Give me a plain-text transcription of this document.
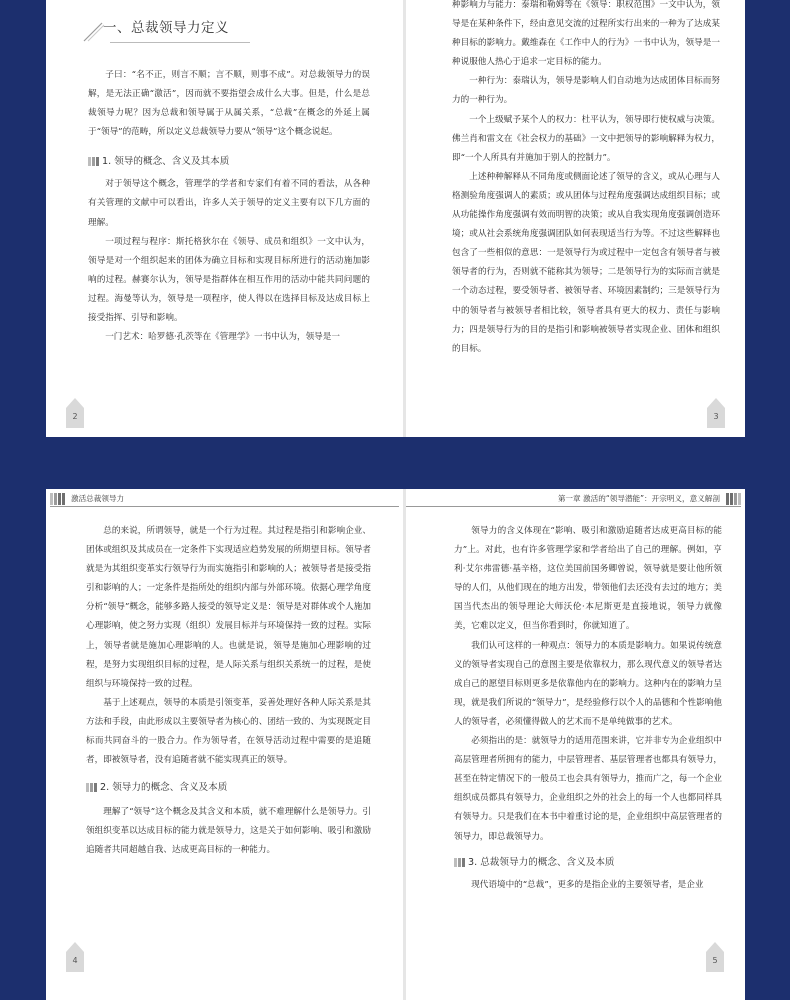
一、总裁领导力定义

子曰：“名不正，则言不顺；言不顺，则事不成”。对总裁领导力的误解，是无法正确“激活”，因而就不要指望会成什么大事。但是，什么是总裁领导力呢？因为总裁和领导属于从属关系，“总裁”在概念的外延上属于“领导”的范畴，所以定义总裁领导力要从“领导”这个概念说起。

1. 领导的概念、含义及其本质

对于领导这个概念，管理学的学者和专家们有着不同的看法，从各种有关管理的文献中可以看出，许多人关于领导的定义主要有以下几方面的理解。

一项过程与程序：斯托格狄尔在《领导、成员和组织》一文中认为，领导是对一个组织起来的团体为确立目标和实现目标所进行的活动施加影响的过程。赫赛尔认为，领导是指群体在相互作用的活动中能共同问题的过程。海曼等认为，领导是一项程序，使人得以在选择目标及达成目标上接受指挥、引导和影响。

一门艺术：哈罗德·孔茨等在《管理学》一书中认为，领导是一

2

种影响力与能力：泰瑞和勒姆等在《领导：职权范围》一文中认为，领导是在某种条件下，经由意见交流的过程所实行出来的一种为了达成某种目标的影响力。戴维森在《工作中人的行为》一书中认为，领导是一种说服他人热心于追求一定目标的能力。

一种行为：泰瑞认为，领导是影响人们自动地为达成团体目标而努力的一种行为。

一个上级赋予某个人的权力：杜平认为，领导即行使权威与决策。佛兰肖和雷文在《社会权力的基础》一文中把领导的影响解释为权力，即“一个人所具有并施加于别人的控制力”。

上述种种解释从不同角度或侧面论述了领导的含义，或从心理与人格测验角度强调人的素质；或从团体与过程角度强调达成组织目标；或从功能操作角度强调有效而明智的决策；或从自我实现角度强调创造环境；或从社会系统角度强调团队如何表现适当行为等。不过这些解释也包含了一些相似的意思：一是领导行为或过程中一定包含有领导者与被领导者的行为，否则就不能称其为领导；二是领导行为的实际而言就是一个动态过程，要受领导者、被领导者、环境因素制约；三是领导行为中的领导者与被领导者相比较，领导者具有更大的权力、责任与影响力；四是领导行为的目的是指引和影响被领导者实现企业、团体和组织的目标。

3
激活总裁领导力

总的来说，所谓领导，就是一个行为过程。其过程是指引和影响企业、团体或组织及其成员在一定条件下实现适应趋势发展的所期望目标。领导者就是为其组织变革实行领导行为而实施指引和影响的人；被领导者是接受指引和影响的人；一定条件是指所处的组织内部与外部环境。依据心理学角度分析“领导”概念，能够多路人接受的领导定义是：领导是对群体或个人施加心理影响，使之努力实现（组织）发展目标并与环境保持一致的过程。实际上，领导者就是施加心理影响的人。也就是说，领导是施加心理影响的过程，是努力实现组织目标的过程，是人际关系与组织关系统一的过程，是使组织与环境保持一致的过程。

基于上述观点，领导的本质是引领变革，妥善处理好各种人际关系是其方法和手段，由此形成以主要领导者为核心的、团结一致的、为实现既定目标而共同奋斗的一股合力。作为领导者，在领导活动过程中需要的是追随者，即被领导者，没有追随者就不能实现真正的领导。

2. 领导力的概念、含义及本质

理解了“领导”这个概念及其含义和本质，就不难理解什么是领导力。引领组织变革以达成目标的能力就是领导力，这是关于如何影响、吸引和激励追随者共同超越自我、达成更高目标的一种能力。

4
第一章 激活的“领导潜能”：开宗明义，意义解剖

领导力的含义体现在“影响、吸引和激励追随者达成更高目标的能力”上。对此，也有许多管理学家和学者给出了自己的理解。例如，亨利·艾尔弗雷德·基辛格，这位美国前国务卿曾说，领导就是要让他所领导的人们，从他们现在的地方出发，带领他们去还没有去过的地方；美国当代杰出的领导理论大师沃伦·本尼斯更是直接地说，领导力就像美，它难以定义，但当你看到时，你就知道了。

我们认可这样的一种观点：领导力的本质是影响力。如果说传统意义的领导者实现自己的意图主要是依靠权力，那么现代意义的领导者达成自己的愿望目标则更多是依靠他内在的影响力。这种内在的影响力呈现，就是我们所说的“领导力”，是经验修行以个人的品德和个性影响他人的领导者，必须懂得做人的艺术而不是单纯做事的艺术。

必须指出的是：就领导力的适用范围来讲，它并非专为企业组织中高层管理者所拥有的能力，中层管理者、基层管理者也都具有领导力，甚至在特定情况下的一般员工也会具有领导力，推而广之，每一个企业组织成员都具有领导力，企业组织之外的社会上的每一个人也都同样具有领导力。只是我们在本书中着重讨论的是，企业组织中高层管理者的领导力，即总裁领导力。

3. 总裁领导力的概念、含义及本质

现代语境中的“总裁”，更多的是指企业的主要领导者，是企业

5
